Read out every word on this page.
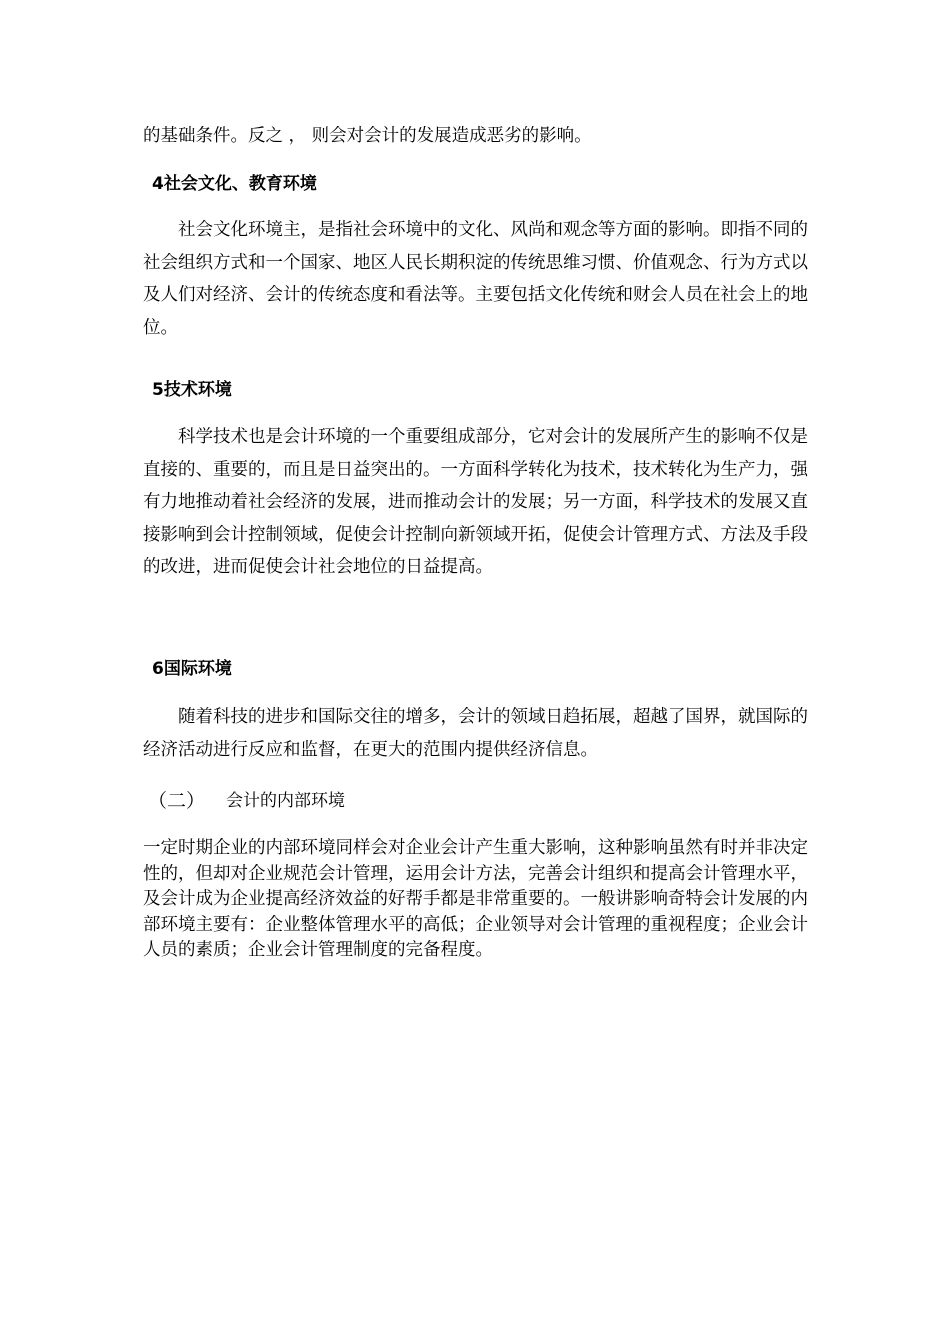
的基础条件。反之 ， 则会对会计的发展造成恶劣的影响。

4社会文化、教育环境

社会文化环境主，是指社会环境中的文化、风尚和观念等方面的影响。即指不同的社会组织方式和一个国家、地区人民长期积淀的传统思维习惯、价值观念、行为方式以及人们对经济、会计的传统态度和看法等。主要包括文化传统和财会人员在社会上的地位。

5技术环境

科学技术也是会计环境的一个重要组成部分，它对会计的发展所产生的影响不仅是直接的、重要的，而且是日益突出的。一方面科学转化为技术，技术转化为生产力，强有力地推动着社会经济的发展，进而推动会计的发展；另一方面，科学技术的发展又直接影响到会计控制领域，促使会计控制向新领域开拓，促使会计管理方式、方法及手段的改进，进而促使会计社会地位的日益提高。

6国际环境

随着科技的进步和国际交往的增多，会计的领域日趋拓展，超越了国界，就国际的经济活动进行反应和监督，在更大的范围内提供经济信息。

（二）	会计的内部环境

一定时期企业的内部环境同样会对企业会计产生重大影响，这种影响虽然有时并非决定性的，但却对企业规范会计管理，运用会计方法，完善会计组织和提高会计管理水平，及会计成为企业提高经济效益的好帮手都是非常重要的。一般讲影响奇特会计发展的内部环境主要有：企业整体管理水平的高低；企业领导对会计管理的重视程度；企业会计人员的素质；企业会计管理制度的完备程度。
